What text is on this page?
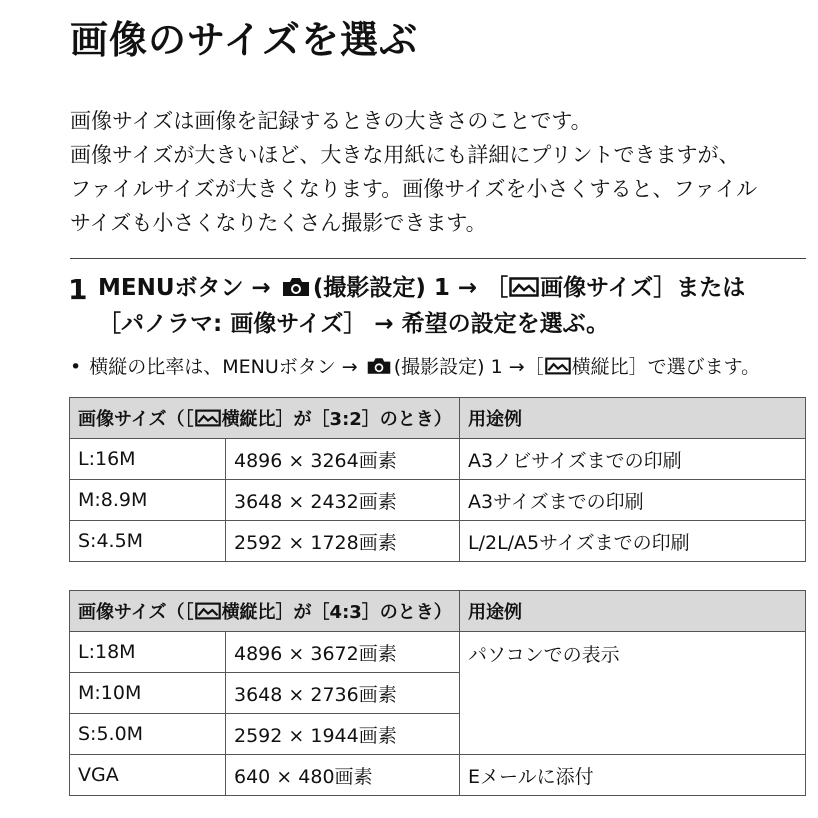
画像のサイズを選ぶ
画像サイズは画像を記録するときの大きさのことです。
画像サイズが大きいほど、大きな用紙にも詳細にプリントできますが、
ファイルサイズが大きくなります。画像サイズを小さくすると、ファイル
サイズも小さくなりたくさん撮影できます。
1 MENUボタン →
(撮影設定) 1 → ［ 画像サイズ］または
［パノラマ: 画像サイズ］ → 希望の設定を選ぶ。
• 横縦の比率は、MENUボタン →
(撮影設定) 1 →［ 横縦比］で選びます。
画像サイズ（［ 横縦比］が［3:2］のとき）		用途例
L:16M	4896 × 3264画素	A3ノビサイズまでの印刷
M:8.9M	3648 × 2432画素	A3サイズまでの印刷
S:4.5M	2592 × 1728画素	L/2L/A5サイズまでの印刷
画像サイズ（［ 横縦比］が［4:3］のとき）		用途例
L:18M	4896 × 3672画素	パソコンでの表示
M:10M	3648 × 2736画素	
S:5.0M	2592 × 1944画素	
VGA	640 × 480画素	Eメールに添付
